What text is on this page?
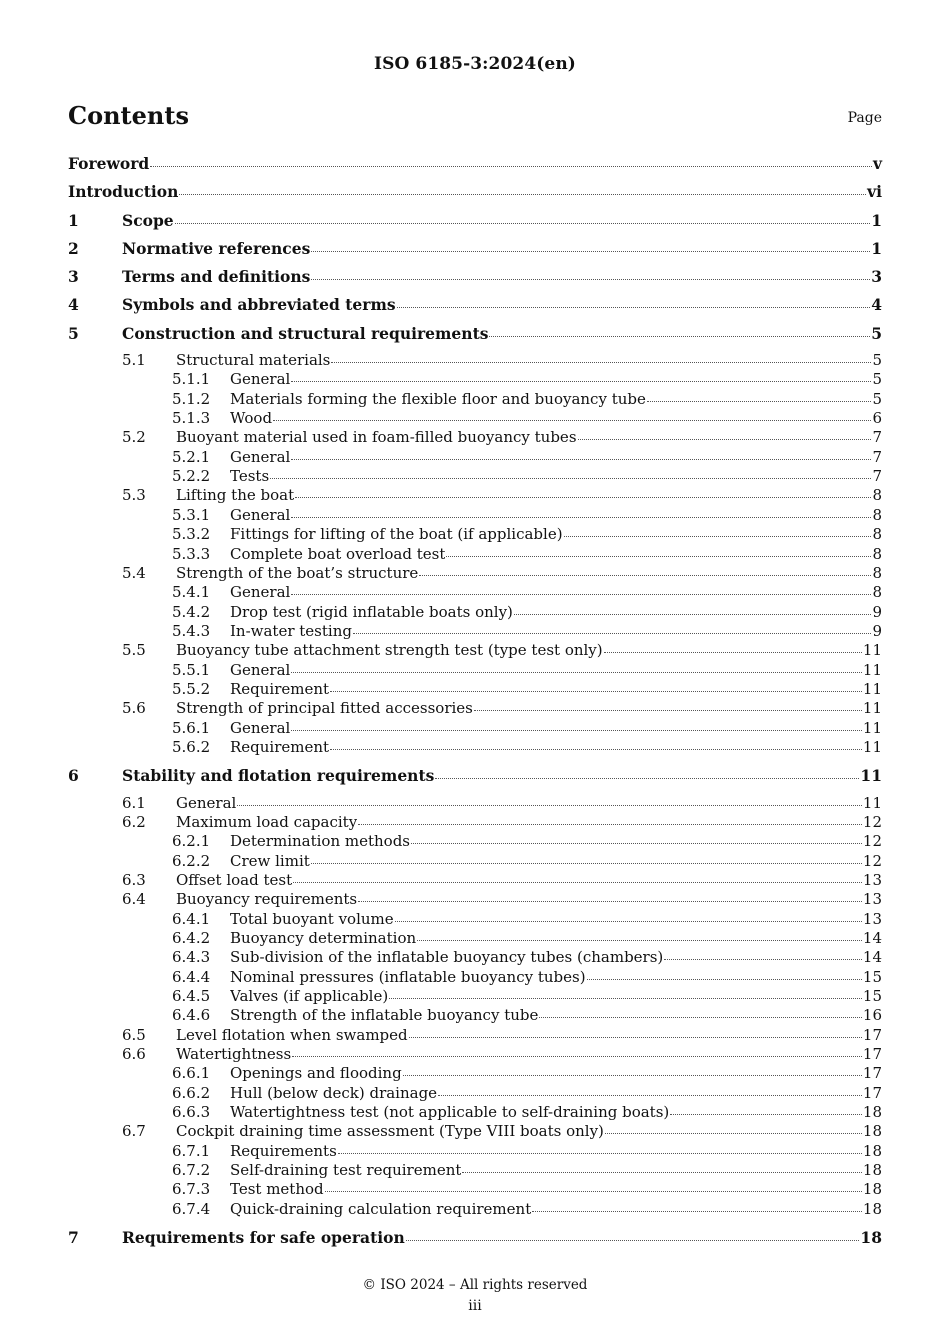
ISO 6185-3:2024(en)
Contents	Page
Foreword	v
Introduction	vi
1	Scope	1
2	Normative references	1
3	Terms and definitions	3
4	Symbols and abbreviated terms	4
5	Construction and structural requirements	5
5.1	Structural materials	5
5.1.1	General	5
5.1.2	Materials forming the flexible floor and buoyancy tube	5
5.1.3	Wood	6
5.2	Buoyant material used in foam-filled buoyancy tubes	7
5.2.1	General	7
5.2.2	Tests	7
5.3	Lifting the boat	8
5.3.1	General	8
5.3.2	Fittings for lifting of the boat (if applicable)	8
5.3.3	Complete boat overload test	8
5.4	Strength of the boat’s structure	8
5.4.1	General	8
5.4.2	Drop test (rigid inflatable boats only)	9
5.4.3	In-water testing	9
5.5	Buoyancy tube attachment strength test (type test only)	11
5.5.1	General	11
5.5.2	Requirement	11
5.6	Strength of principal fitted accessories	11
5.6.1	General	11
5.6.2	Requirement	11
6	Stability and flotation requirements	11
6.1	General	11
6.2	Maximum load capacity	12
6.2.1	Determination methods	12
6.2.2	Crew limit	12
6.3	Offset load test	13
6.4	Buoyancy requirements	13
6.4.1	Total buoyant volume	13
6.4.2	Buoyancy determination	14
6.4.3	Sub-division of the inflatable buoyancy tubes (chambers)	14
6.4.4	Nominal pressures (inflatable buoyancy tubes)	15
6.4.5	Valves (if applicable)	15
6.4.6	Strength of the inflatable buoyancy tube	16
6.5	Level flotation when swamped	17
6.6	Watertightness	17
6.6.1	Openings and flooding	17
6.6.2	Hull (below deck) drainage	17
6.6.3	Watertightness test (not applicable to self-draining boats)	18
6.7	Cockpit draining time assessment (Type VIII boats only)	18
6.7.1	Requirements	18
6.7.2	Self-draining test requirement	18
6.7.3	Test method	18
6.7.4	Quick-draining calculation requirement	18
7	Requirements for safe operation	18
© ISO 2024 – All rights reserved
iii
